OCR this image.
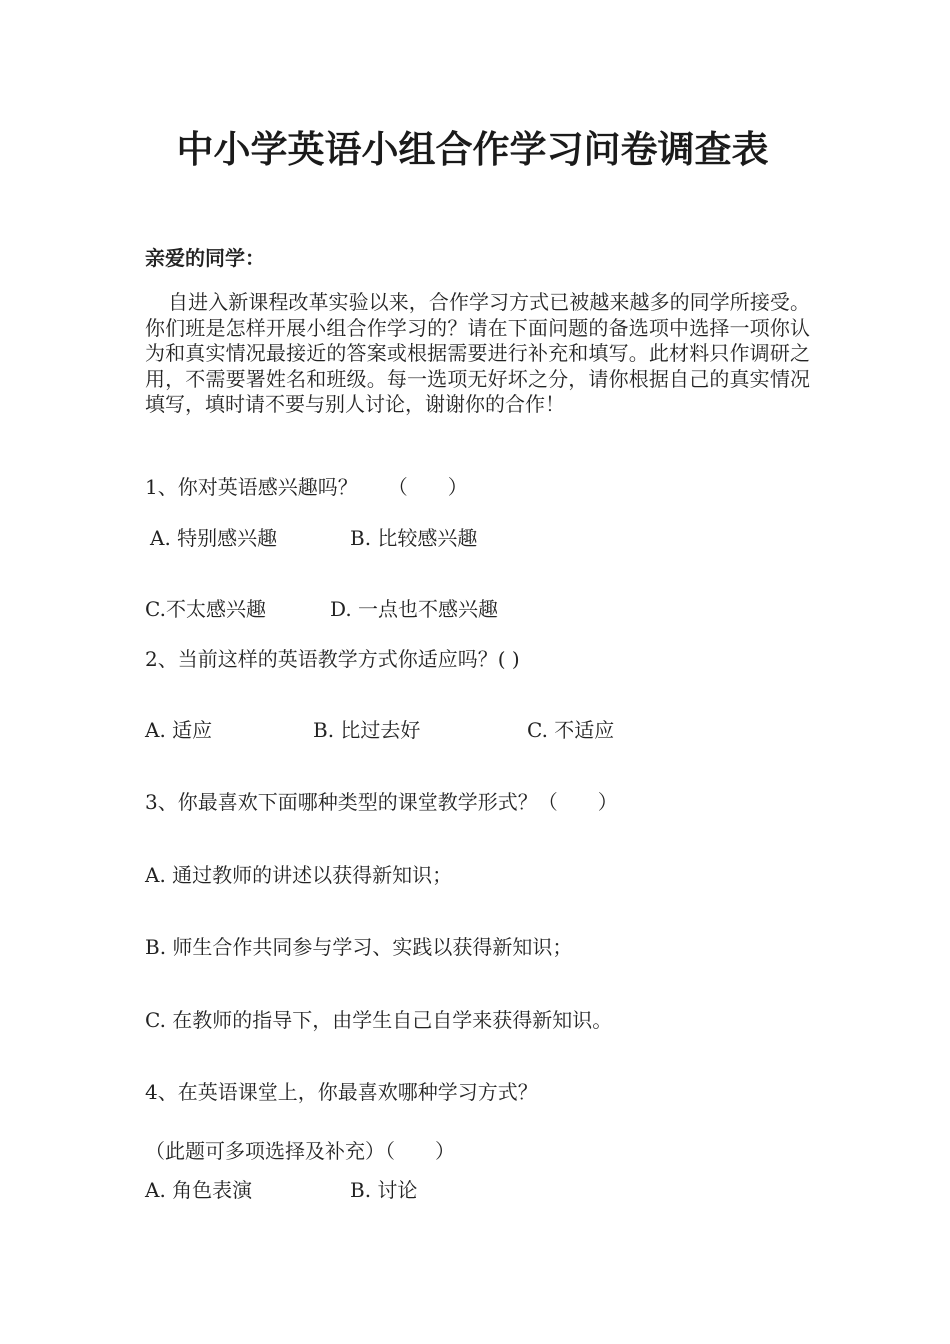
中小学英语小组合作学习问卷调查表

亲爱的同学：

自进入新课程改革实验以来，合作学习方式已被越来越多的同学所接受。你们班是怎样开展小组合作学习的？请在下面问题的备选项中选择一项你认为和真实情况最接近的答案或根据需要进行补充和填写。此材料只作调研之用，不需要署姓名和班级。每一选项无好坏之分，请你根据自己的真实情况填写，填时请不要与别人讨论，谢谢你的合作！

1、你对英语感兴趣吗？　　（　　）
A. 特别感兴趣	B. 比较感兴趣
C.不太感兴趣	D. 一点也不感兴趣
2、当前这样的英语教学方式你适应吗？( )
A. 适应	B. 比过去好	C. 不适应
3、你最喜欢下面哪种类型的课堂教学形式？（　　）
A. 通过教师的讲述以获得新知识；
B. 师生合作共同参与学习、实践以获得新知识；
C. 在教师的指导下，由学生自己自学来获得新知识。
4、在英语课堂上，你最喜欢哪种学习方式？
（此题可多项选择及补充）（　　）
A. 角色表演	B. 讨论
